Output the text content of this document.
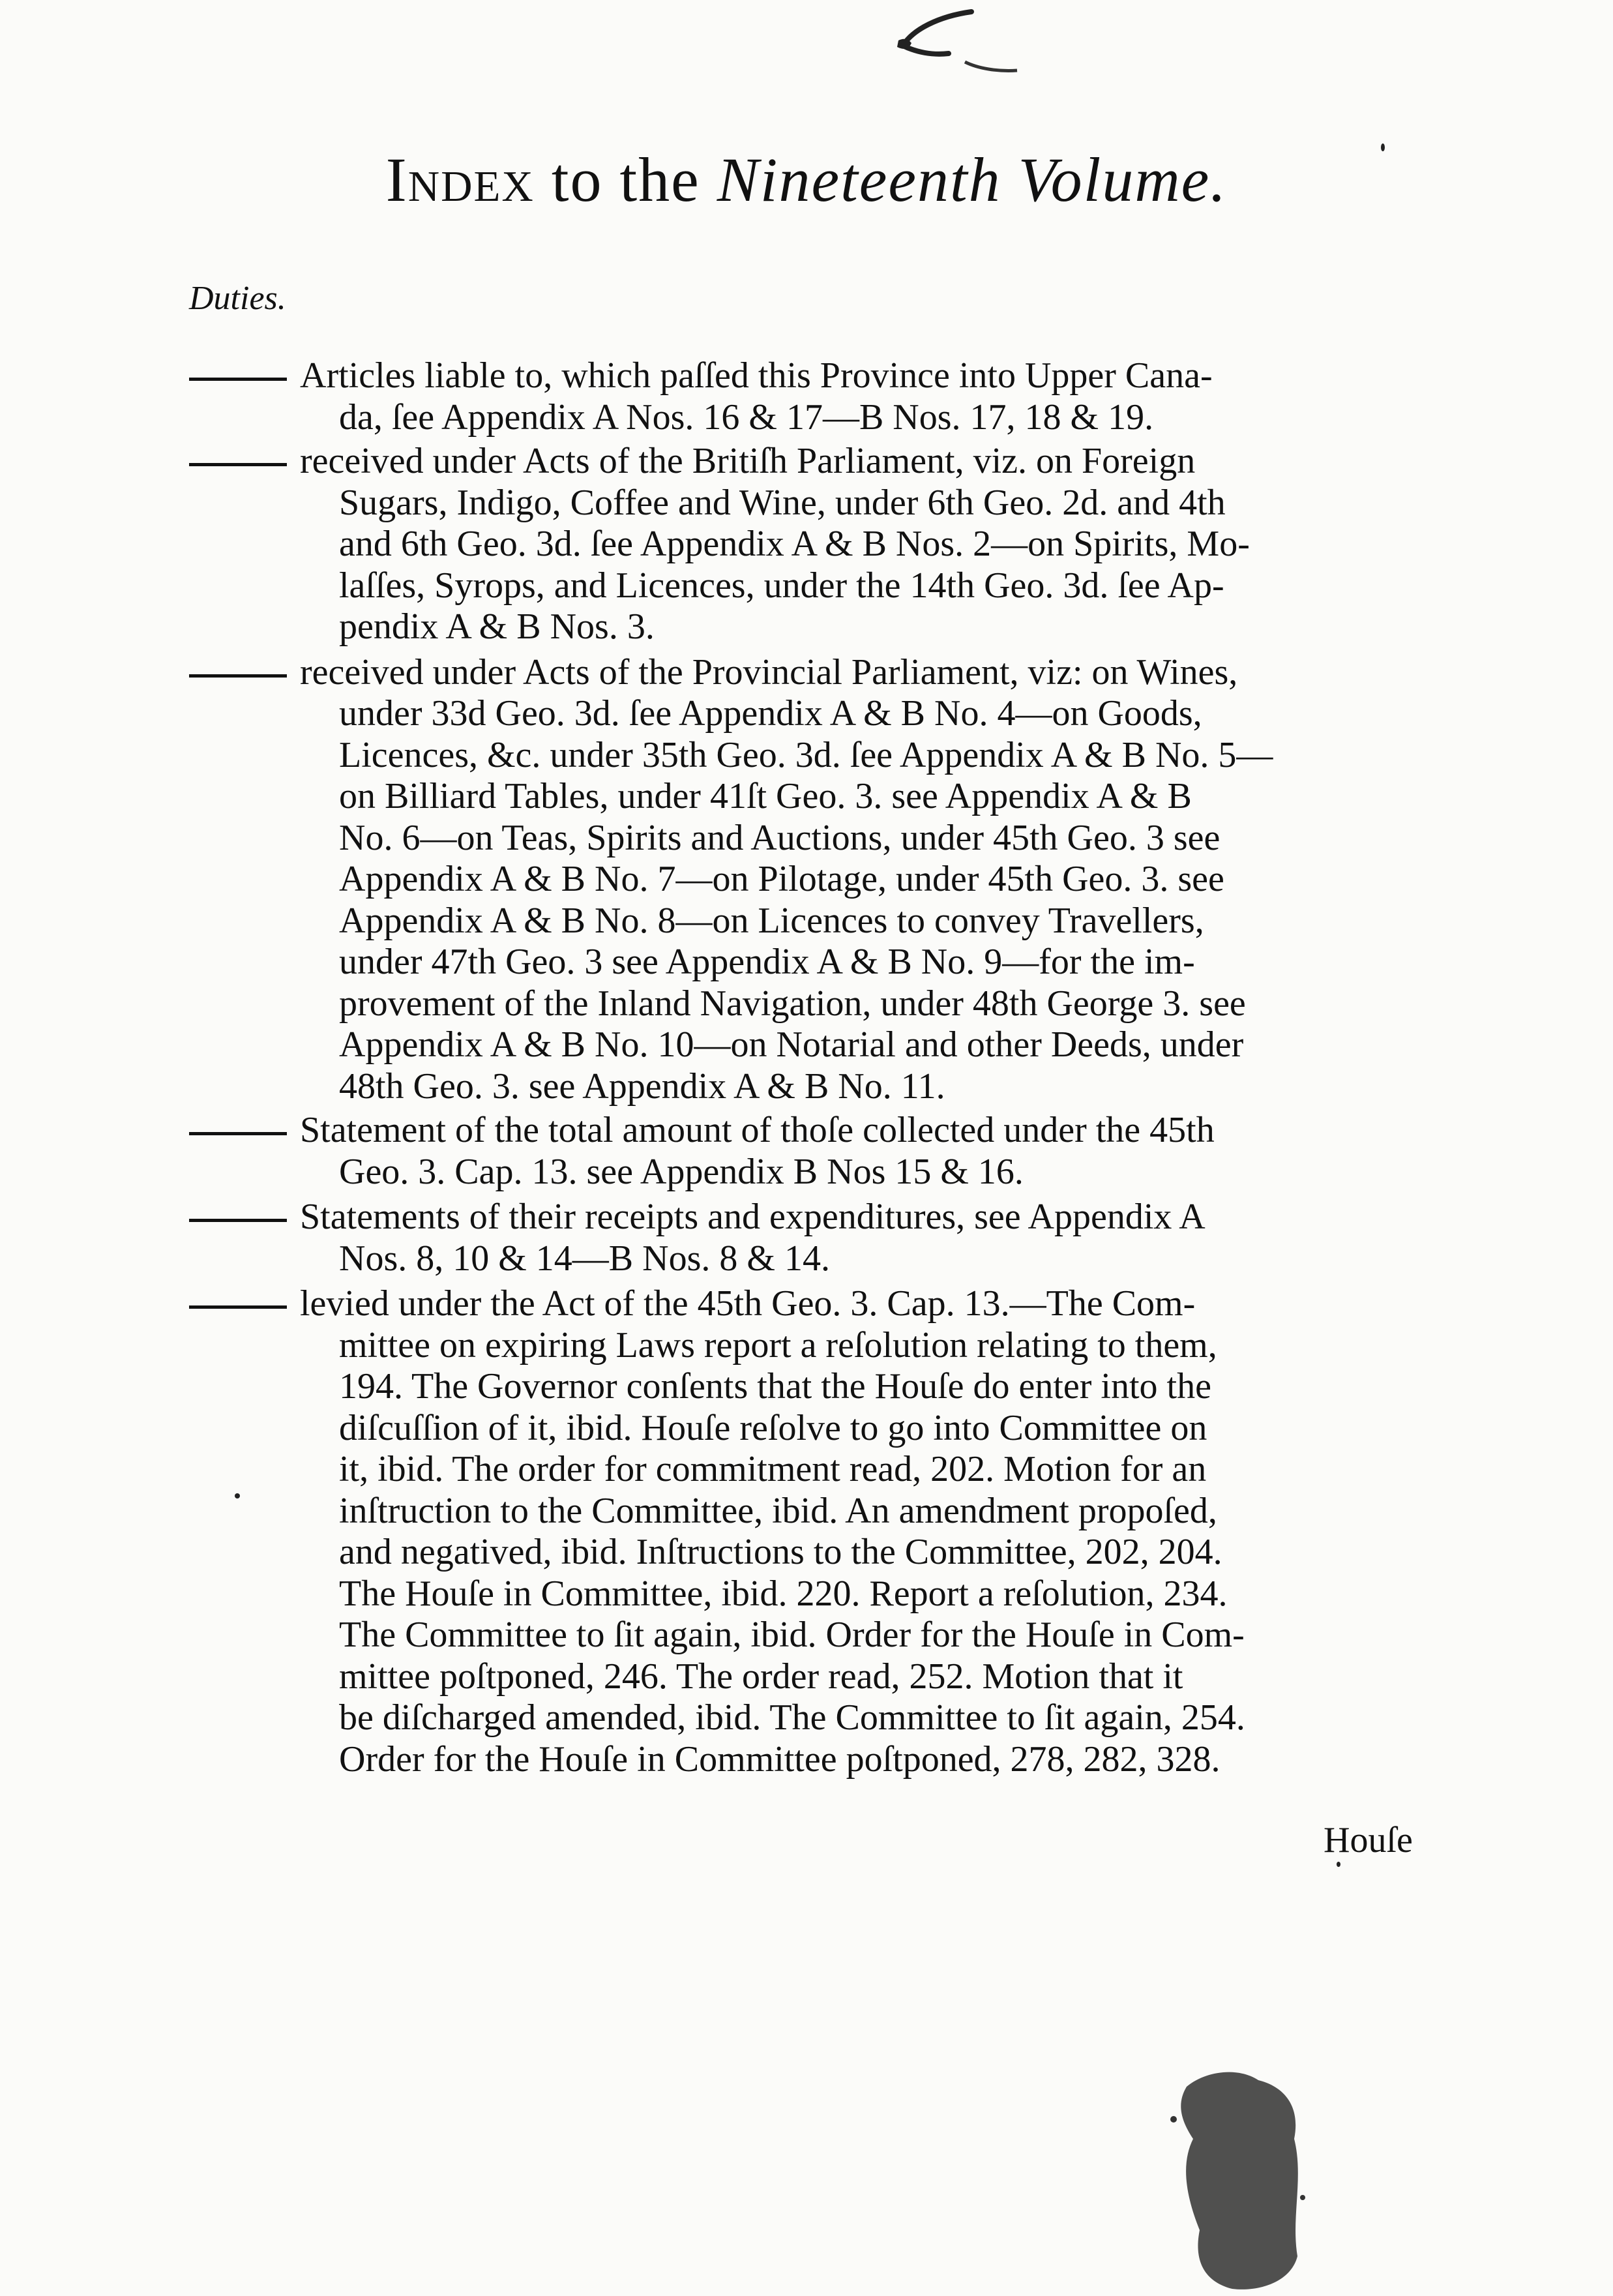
Index to the Nineteenth Volume.
Duties.
Articles liable to, which paſſed this Province into Upper Cana-
da, ſee Appendix A Nos. 16 & 17—B Nos. 17, 18 & 19.
received under Acts of the Britiſh Parliament, viz. on Foreign
Sugars, Indigo, Coffee and Wine, under 6th Geo. 2d. and 4th
and 6th Geo. 3d. ſee Appendix A & B Nos. 2—on Spirits, Mo-
laſſes, Syrops, and Licences, under the 14th Geo. 3d. ſee Ap-
pendix A & B Nos. 3.
received under Acts of the Provincial Parliament, viz: on Wines,
under 33d Geo. 3d. ſee Appendix A & B No. 4—on Goods,
Licences, &c. under 35th Geo. 3d. ſee Appendix A & B No. 5—
on Billiard Tables, under 41ſt Geo. 3. see Appendix A & B
No. 6—on Teas, Spirits and Auctions, under 45th Geo. 3 see
Appendix A & B No. 7—on Pilotage, under 45th Geo. 3. see
Appendix A & B No. 8—on Licences to convey Travellers,
under 47th Geo. 3 see Appendix A & B No. 9—for the im-
provement of the Inland Navigation, under 48th George 3. see
Appendix A & B No. 10—on Notarial and other Deeds, under
48th Geo. 3. see Appendix A & B No. 11.
Statement of the total amount of thoſe collected under the 45th
Geo. 3. Cap. 13. see Appendix B Nos 15 & 16.
Statements of their receipts and expenditures, see Appendix A
Nos. 8, 10 & 14—B Nos. 8 & 14.
levied under the Act of the 45th Geo. 3. Cap. 13.—The Com-
mittee on expiring Laws report a reſolution relating to them,
194. The Governor conſents that the Houſe do enter into the
diſcuſſion of it, ibid. Houſe reſolve to go into Committee on
it, ibid. The order for commitment read, 202. Motion for an
inſtruction to the Committee, ibid. An amendment propoſed,
and negatived, ibid. Inſtructions to the Committee, 202, 204.
The Houſe in Committee, ibid. 220. Report a reſolution, 234.
The Committee to ſit again, ibid. Order for the Houſe in Com-
mittee poſtponed, 246. The order read, 252. Motion that it
be diſcharged amended, ibid. The Committee to ſit again, 254.
Order for the Houſe in Committee poſtponed, 278, 282, 328.
Houſe
